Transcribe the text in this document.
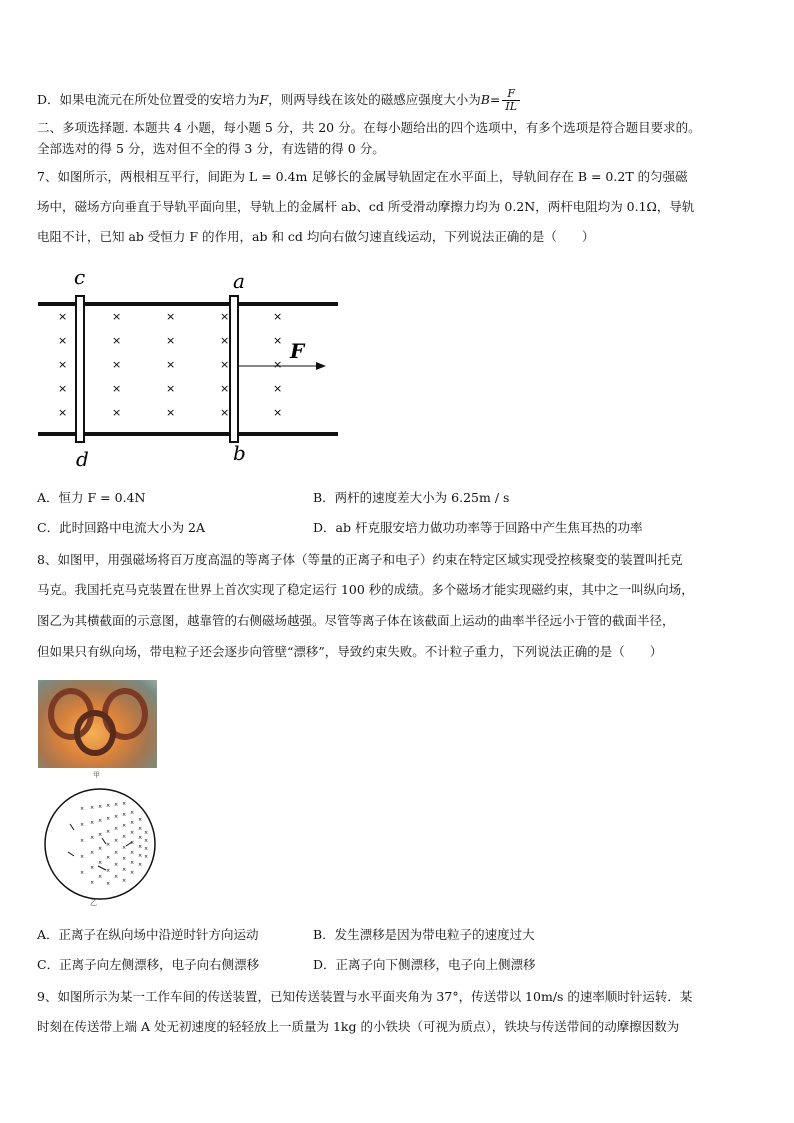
D．如果电流元在所处位置受的安培力为F，则两导线在该处的磁感应强度大小为$B= \frac{F}{IL}$
二、多项选择题. 本题共 4 小题，每小题 5 分，共 20 分。在每小题给出的四个选项中，有多个选项是符合题目要求的。
全部选对的得 5 分，选对但不全的得 3 分，有选错的得 0 分。
7、如图所示，两根相互平行，间距为 L = 0.4m 足够长的金属导轨固定在水平面上，导轨间存在 B = 0.2T 的匀强磁
场中，磁场方向垂直于导轨平面向里，导轨上的金属杆 ab、cd 所受滑动摩擦力均为 0.2N，两杆电阻均为 0.1Ω，导轨
电阻不计，已知 ab 受恒力 F 的作用，ab 和 cd 均向右做匀速直线运动，下列说法正确的是（　　）
c	a
d	b
F
×
×
×
×
×
×
×
×
×
×
×
×
×
×
×
×
×
×
×
×
×
×
×
×
×
A．恒力 F = 0.4N	B．两杆的速度差大小为 6.25m / s
C．此时回路中电流大小为 2A	D．ab 杆克服安培力做功功率等于回路中产生焦耳热的功率
8、如图甲，用强磁场将百万度高温的等离子体（等量的正离子和电子）约束在特定区域实现受控核聚变的装置叫托克
马克。我国托克马克装置在世界上首次实现了稳定运行 100 秒的成绩。多个磁场才能实现磁约束，其中之一叫纵向场，
图乙为其横截面的示意图，越靠管的右侧磁场越强。尽管等离子体在该截面上运动的曲率半径远小于管的截面半径，
但如果只有纵向场，带电粒子还会逐步向管壁“漂移”，导致约束失败。不计粒子重力，下列说法正确的是（　　）
甲
×
×
×
×
×
×
×
×
×
×
×
×
×
×
×
×
×
×
×
×
×
×
×
×
×
×
×
×
×
×
×
×
×
×
×
×
×
×
×
×
×
×
×
×
×
×
×
×
×
×
×
×
×
×
×
×
乙
A．正离子在纵向场中沿逆时针方向运动	B．发生漂移是因为带电粒子的速度过大
C．正离子向左侧漂移，电子向右侧漂移	D．正离子向下侧漂移，电子向上侧漂移
9、如图所示为某一工作车间的传送装置，已知传送装置与水平面夹角为 37°，传送带以 10m/s 的速率顺时针运转．某
时刻在传送带上端 A 处无初速度的轻轻放上一质量为 1kg 的小铁块（可视为质点），铁块与传送带间的动摩擦因数为
